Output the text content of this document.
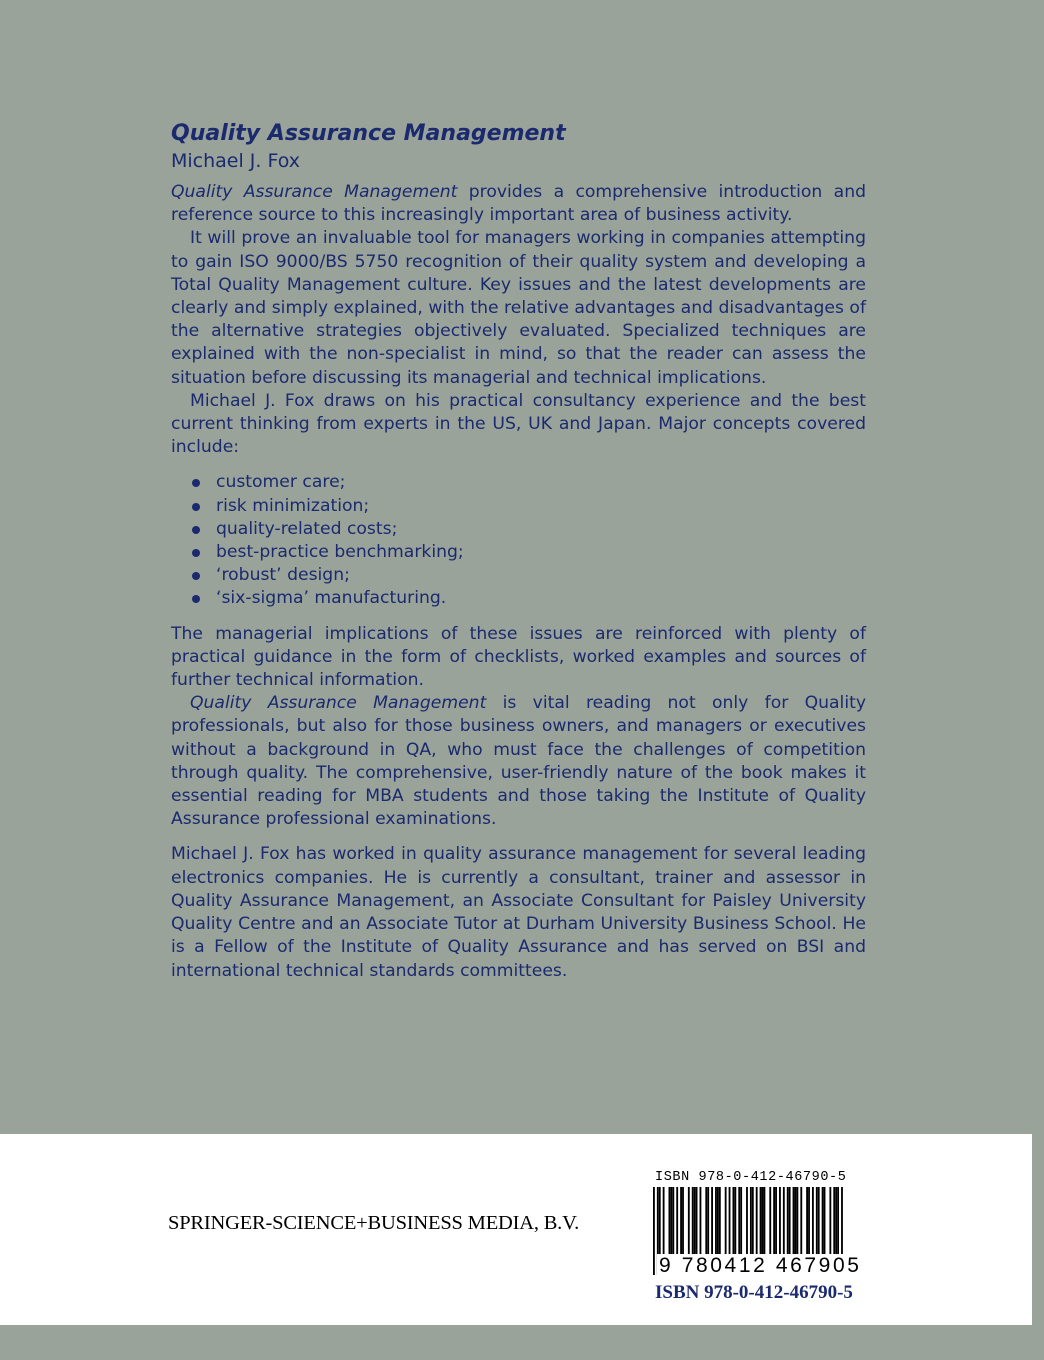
Quality Assurance Management
Michael J. Fox

Quality Assurance Management provides a comprehensive introduction and reference source to this increasingly important area of business activity.

It will prove an invaluable tool for managers working in companies attempting to gain ISO 9000/BS 5750 recognition of their quality system and developing a Total Quality Management culture. Key issues and the latest developments are clearly and simply explained, with the relative advantages and disadvantages of the alternative strategies objectively evaluated. Specialized techniques are explained with the non-specialist in mind, so that the reader can assess the situation before discussing its managerial and technical implications.

Michael J. Fox draws on his practical consultancy experience and the best current thinking from experts in the US, UK and Japan. Major concepts covered include:

customer care;
risk minimization;
quality-related costs;
best-practice benchmarking;
‘robust’ design;
‘six-sigma’ manufacturing.

The managerial implications of these issues are reinforced with plenty of practical guidance in the form of checklists, worked examples and sources of further technical information.

Quality Assurance Management is vital reading not only for Quality professionals, but also for those business owners, and managers or executives without a background in QA, who must face the challenges of competition through quality. The comprehensive, user-friendly nature of the book makes it essential reading for MBA students and those taking the Institute of Quality Assurance professional examinations.

Michael J. Fox has worked in quality assurance management for several leading electronics companies. He is currently a consultant, trainer and assessor in Quality Assurance Management, an Associate Consultant for Paisley University Quality Centre and an Associate Tutor at Durham University Business School. He is a Fellow of the Institute of Quality Assurance and has served on BSI and international technical standards committees.

SPRINGER-SCIENCE+BUSINESS MEDIA, B.V.
ISBN 978-0-412-46790-5
9 780412 467905
ISBN 978-0-412-46790-5
